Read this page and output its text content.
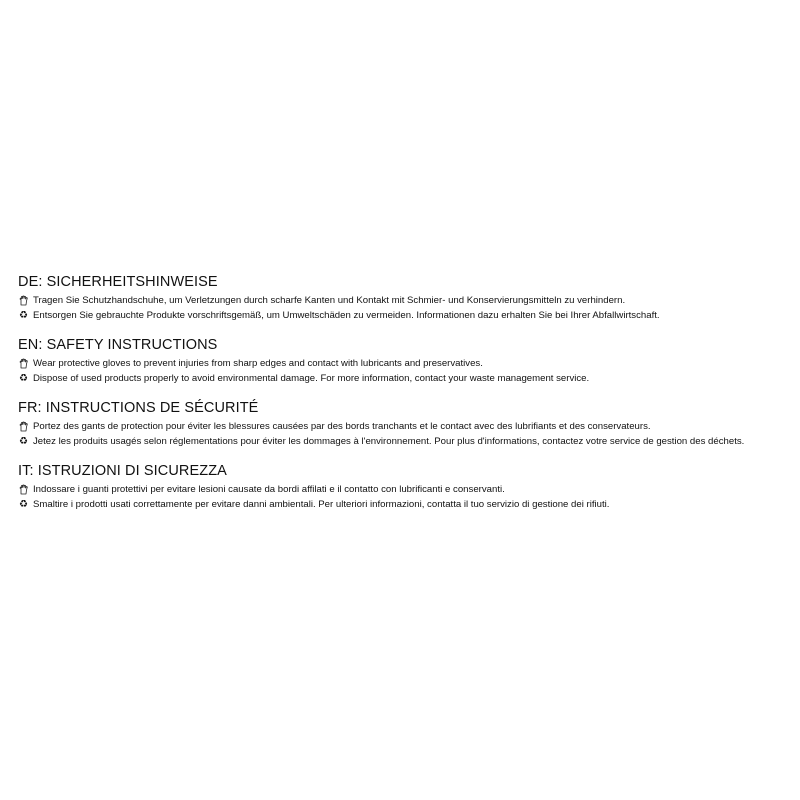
DE: SICHERHEITSHINWEISE
Tragen Sie Schutzhandschuhe, um Verletzungen durch scharfe Kanten und Kontakt mit Schmier- und Konservierungsmitteln zu verhindern.
♻ Entsorgen Sie gebrauchte Produkte vorschriftsgemäß, um Umweltschäden zu vermeiden. Informationen dazu erhalten Sie bei Ihrer Abfallwirtschaft.
EN: SAFETY INSTRUCTIONS
Wear protective gloves to prevent injuries from sharp edges and contact with lubricants and preservatives.
♻ Dispose of used products properly to avoid environmental damage. For more information, contact your waste management service.
FR: INSTRUCTIONS DE SÉCURITÉ
Portez des gants de protection pour éviter les blessures causées par des bords tranchants et le contact avec des lubrifiants et des conservateurs.
♻ Jetez les produits usagés selon réglementations pour éviter les dommages à l'environnement. Pour plus d'informations, contactez votre service de gestion des déchets.
IT: ISTRUZIONI DI SICUREZZA
Indossare i guanti protettivi per evitare lesioni causate da bordi affilati e il contatto con lubrificanti e conservanti.
♻ Smaltire i prodotti usati correttamente per evitare danni ambientali. Per ulteriori informazioni, contatta il tuo servizio di gestione dei rifiuti.
